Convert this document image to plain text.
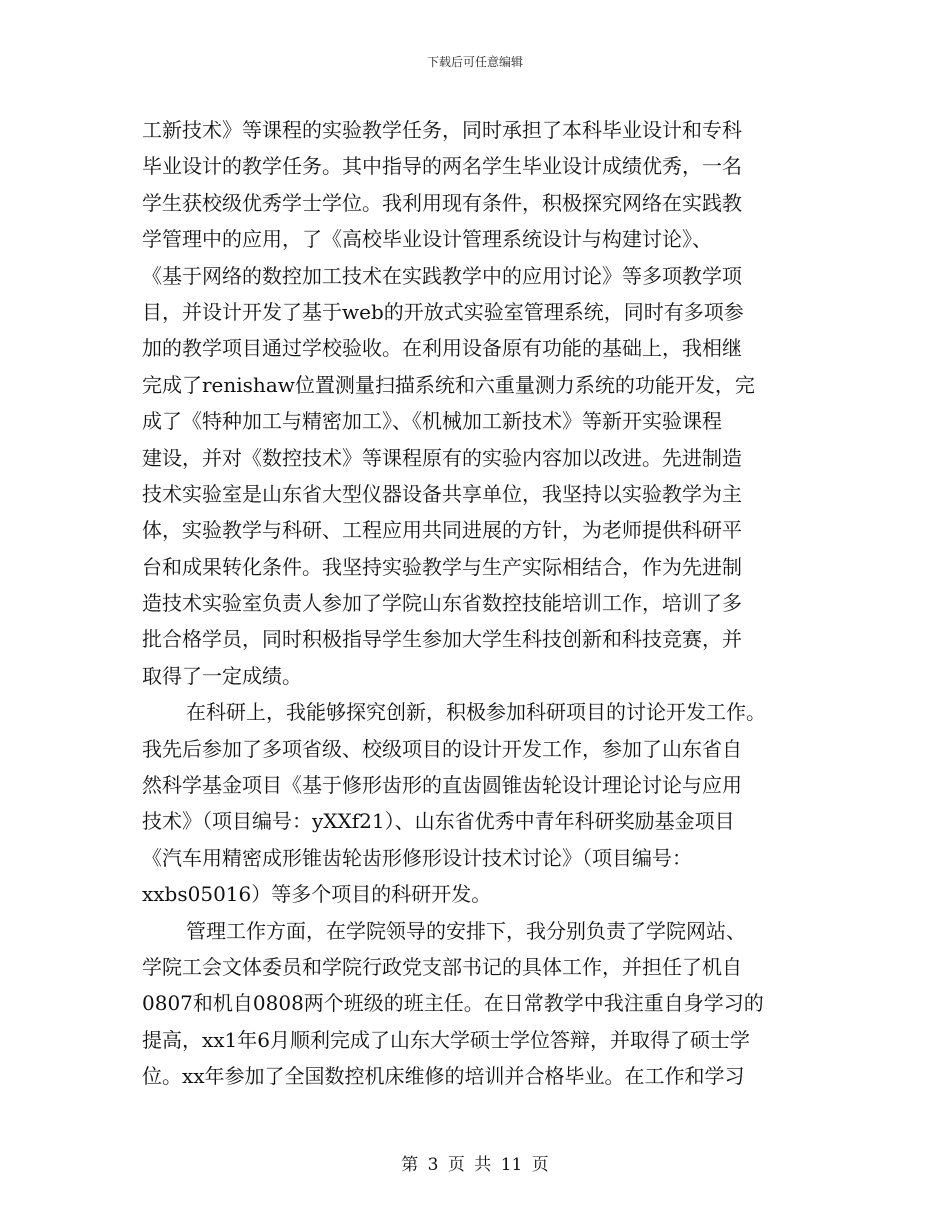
下载后可任意编辑
工新技术》等课程的实验教学任务，同时承担了本科毕业设计和专科
毕业设计的教学任务。其中指导的两名学生毕业设计成绩优秀，一名
学生获校级优秀学士学位。我利用现有条件，积极探究网络在实践教
学管理中的应用，了《高校毕业设计管理系统设计与构建讨论》、
《基于网络的数控加工技术在实践教学中的应用讨论》等多项教学项
目，并设计开发了基于web的开放式实验室管理系统，同时有多项参
加的教学项目通过学校验收。在利用设备原有功能的基础上，我相继
完成了renishaw位置测量扫描系统和六重量测力系统的功能开发，完
成了《特种加工与精密加工》、《机械加工新技术》等新开实验课程
建设，并对《数控技术》等课程原有的实验内容加以改进。先进制造
技术实验室是山东省大型仪器设备共享单位，我坚持以实验教学为主
体，实验教学与科研、工程应用共同进展的方针，为老师提供科研平
台和成果转化条件。我坚持实验教学与生产实际相结合，作为先进制
造技术实验室负责人参加了学院山东省数控技能培训工作，培训了多
批合格学员，同时积极指导学生参加大学生科技创新和科技竞赛，并
取得了一定成绩。
在科研上，我能够探究创新，积极参加科研项目的讨论开发工作。
我先后参加了多项省级、校级项目的设计开发工作，参加了山东省自
然科学基金项目《基于修形齿形的直齿圆锥齿轮设计理论讨论与应用
技术》（项目编号：yXXf21）、山东省优秀中青年科研奖励基金项目
《汽车用精密成形锥齿轮齿形修形设计技术讨论》（项目编号：
xxbs05016）等多个项目的科研开发。
管理工作方面，在学院领导的安排下，我分别负责了学院网站、
学院工会文体委员和学院行政党支部书记的具体工作，并担任了机自
0807和机自0808两个班级的班主任。在日常教学中我注重自身学习的
提高，xx1年6月顺利完成了山东大学硕士学位答辩，并取得了硕士学
位。xx年参加了全国数控机床维修的培训并合格毕业。在工作和学习
第 3 页 共 11 页
